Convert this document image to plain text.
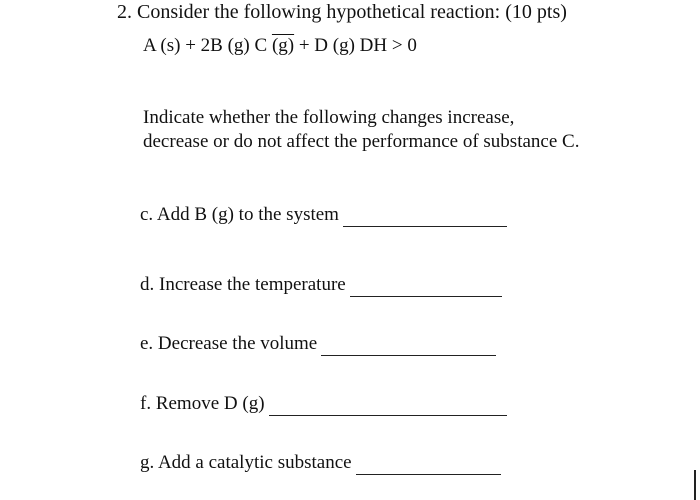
2. Consider the following hypothetical reaction: (10 pts)
A (s) + 2B (g) C (g) + D (g) DH > 0
Indicate whether the following changes increase,
decrease or do not affect the performance of substance C.
c. Add B (g) to the system
d. Increase the temperature
e. Decrease the volume
f. Remove D (g)
g. Add a catalytic substance
